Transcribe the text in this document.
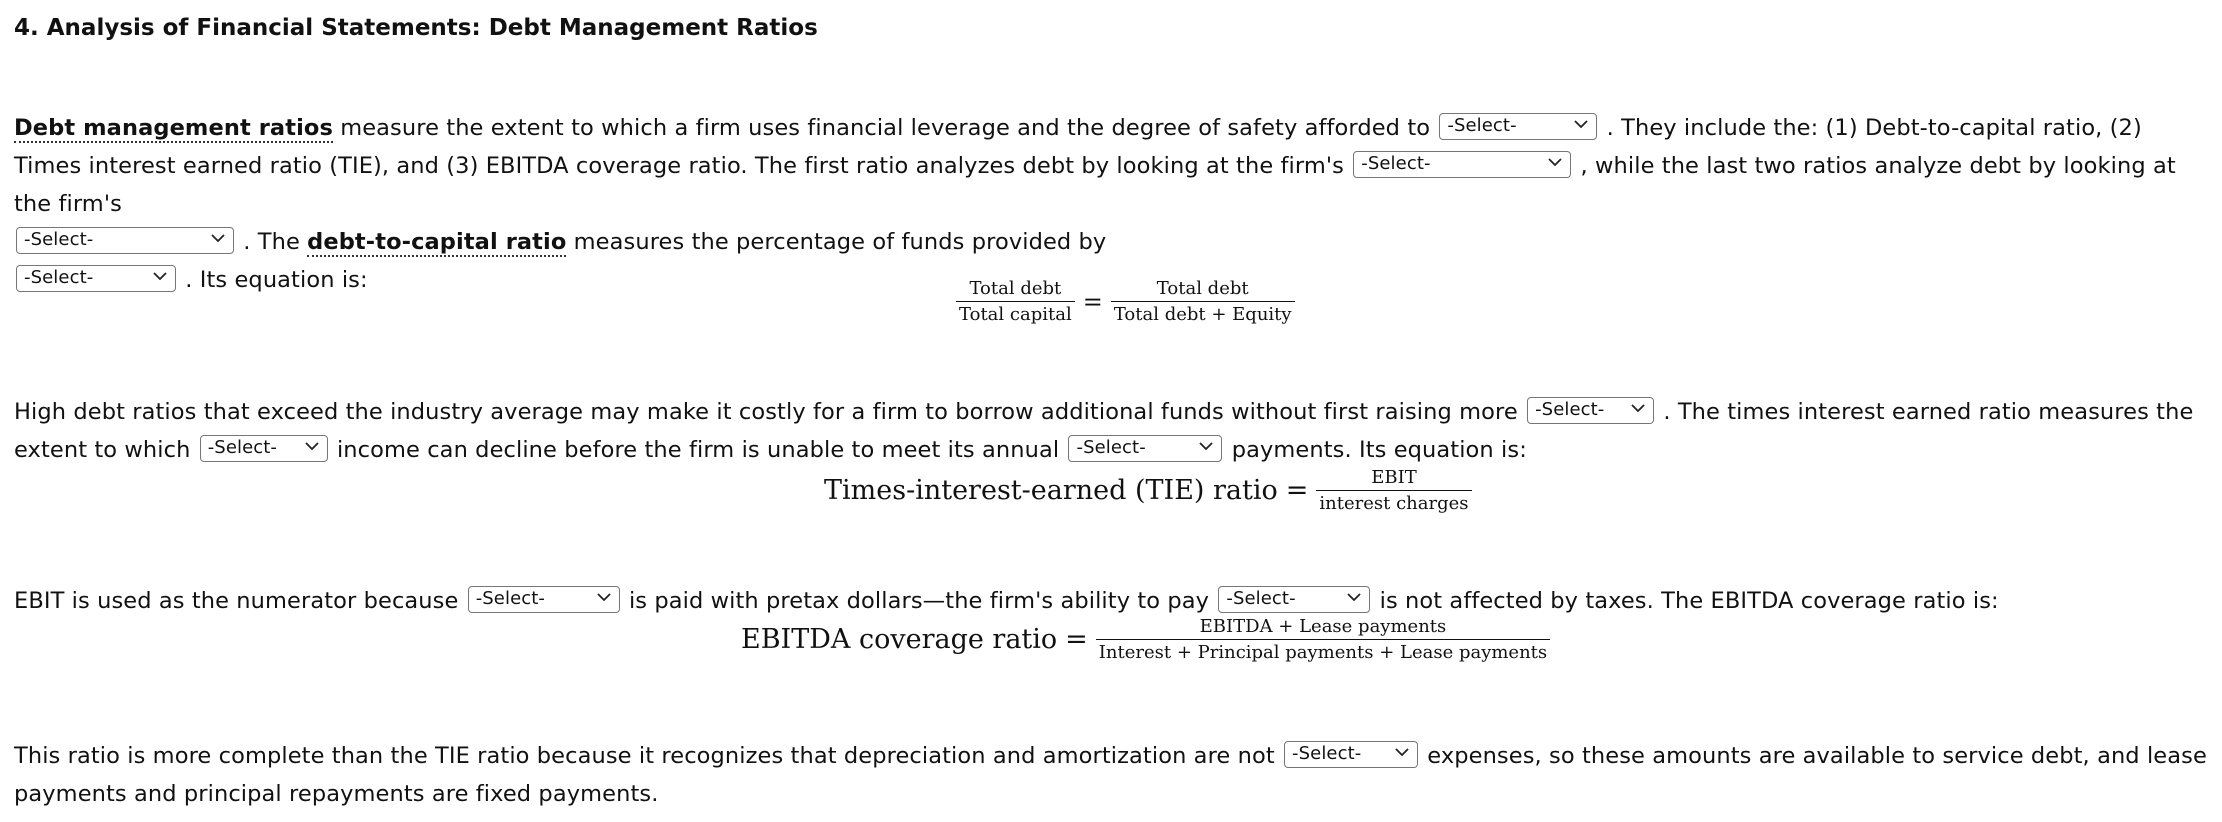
4. Analysis of Financial Statements: Debt Management Ratios
Debt management ratios measure the extent to which a firm uses financial leverage and the degree of safety afforded to -Select-	. They include the: (1) Debt-to-capital ratio, (2) Times interest earned ratio (TIE), and (3) EBITDA coverage ratio. The first ratio analyzes debt by looking at the firm's -Select-	, while the last two ratios analyze debt by looking at the firm's
-Select-	. The debt-to-capital ratio measures the percentage of funds provided by
-Select-	. Its equation is:	$\frac{\text{Total debt}}{\text{Total capital}} = \frac{\text{Total debt}}{\text{Total debt + Equity}}$
High debt ratios that exceed the industry average may make it costly for a firm to borrow additional funds without first raising more -Select-
. The times interest earned ratio measures the extent to which -Select-
income can decline before the firm is unable to meet its annual -Select-	payments. Its equation is:
Times-interest-earned (TIE) ratio = $\frac{\text{EBIT}}{\text{interest charges}}$
EBIT is used as the numerator because -Select-	is paid with pretax dollars—the firm's ability to pay -Select-	is not affected by taxes. The EBITDA coverage ratio is:
EBITDA coverage ratio = $\frac{\text{EBITDA + Lease payments}}{\text{Interest + Principal payments + Lease payments}}$
This ratio is more complete than the TIE ratio because it recognizes that depreciation and amortization are not -Select-	expenses, so these amounts are available to service debt, and lease payments and principal repayments are fixed payments.
